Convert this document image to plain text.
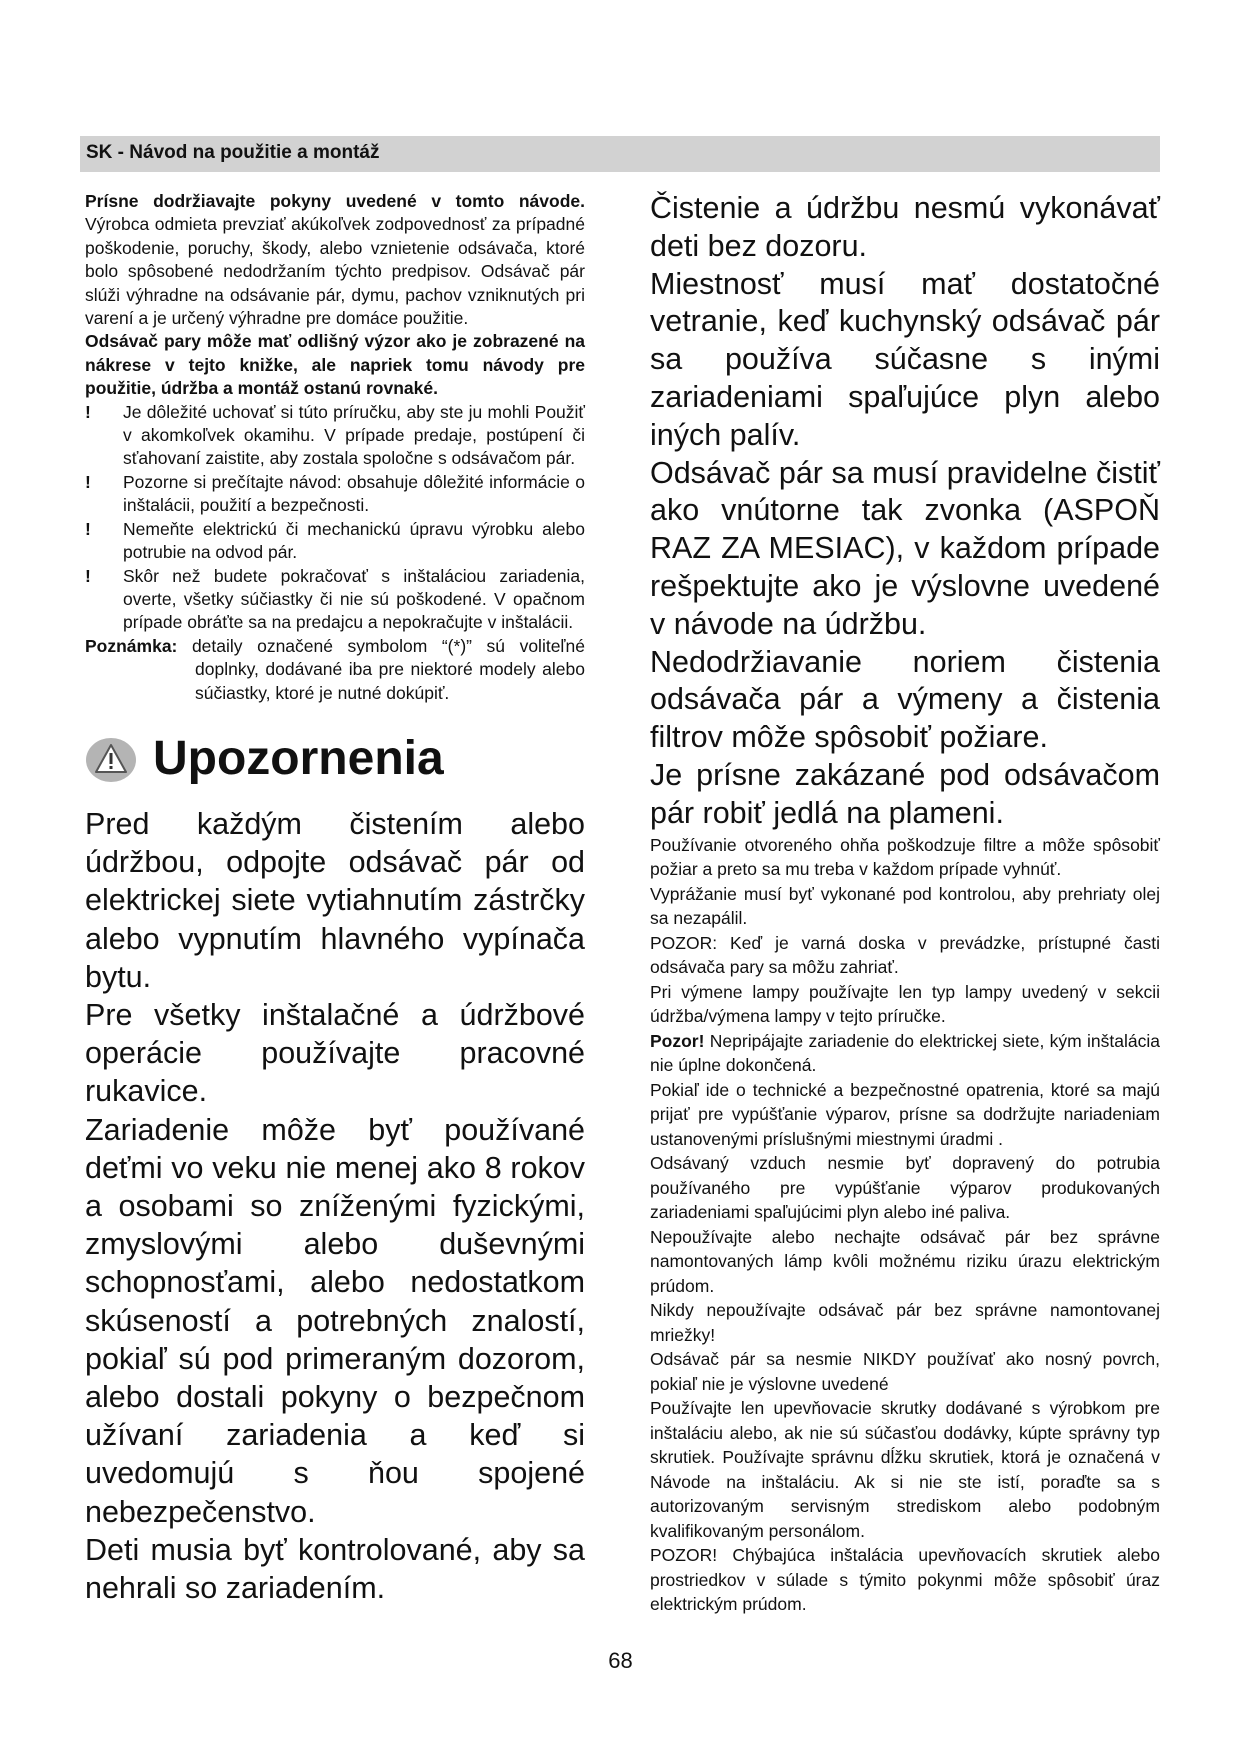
SK - Návod na použitie a montáž

Prísne dodržiavajte pokyny uvedené v tomto návode. Výrobca odmieta prevziať akúkoľvek zodpovednosť za prípadné poškodenie, poruchy, škody, alebo vznietenie odsávača, ktoré bolo spôsobené nedodržaním týchto predpisov. Odsávač pár slúži výhradne na odsávanie pár, dymu, pachov vzniknutých pri varení a je určený výhradne pre domáce použitie.

Odsávač pary môže mať odlišný výzor ako je zobrazené na nákrese v tejto knižke, ale napriek tomu návody pre použitie, údržba a montáž ostanú rovnaké.

! Je dôležité uchovať si túto príručku, aby ste ju mohli Použiť v akomkoľvek okamihu. V prípade predaje, postúpení či sťahovaní zaistite, aby zostala spoločne s odsávačom pár.

! Pozorne si prečítajte návod: obsahuje dôležité informácie o inštalácii, použití a bezpečnosti.

! Nemeňte elektrickú či mechanickú úpravu výrobku alebo potrubie na odvod pár.

! Skôr než budete pokračovať s inštaláciou zariadenia, overte, všetky súčiastky či nie sú poškodené. V opačnom prípade obráťte sa na predajcu a nepokračujte v inštalácii.

Poznámka: detaily označené symbolom “(*)” sú voliteľné doplnky, dodávané iba pre niektoré modely alebo súčiastky, ktoré je nutné dokúpiť.

Upozornenia

Pred každým čistením alebo údržbou, odpojte odsávač pár od elektrickej siete vytiahnutím zástrčky alebo vypnutím hlavného vypínača bytu.

Pre všetky inštalačné a údržbové operácie používajte pracovné rukavice.

Zariadenie môže byť používané deťmi vo veku nie menej ako 8 rokov a osobami so zníženými fyzickými, zmyslovými alebo duševnými schopnosťami, alebo nedostatkom skúseností a potrebných znalostí, pokiaľ sú pod primeraným dozorom, alebo dostali pokyny o bezpečnom užívaní zariadenia a keď si uvedomujú s ňou spojené nebezpečenstvo.

Deti musia byť kontrolované, aby sa nehrali so zariadením.

Čistenie a údržbu nesmú vykonávať deti bez dozoru.

Miestnosť musí mať dostatočné vetranie, keď kuchynský odsávač pár sa používa súčasne s inými zariadeniami spaľujúce plyn alebo iných palív.

Odsávač pár sa musí pravidelne čistiť ako vnútorne tak zvonka (ASPOŇ RAZ ZA MESIAC), v každom prípade rešpektujte ako je výslovne uvedené v návode na údržbu.

Nedodržiavanie noriem čistenia odsávača pár a výmeny a čistenia filtrov môže spôsobiť požiare.

Je prísne zakázané pod odsávačom pár robiť jedlá na plameni.

Používanie otvoreného ohňa poškodzuje filtre a môže spôsobiť požiar a preto sa mu treba v každom prípade vyhnúť.

Vyprážanie musí byť vykonané pod kontrolou, aby prehriaty olej sa nezapálil.

POZOR: Keď je varná doska v prevádzke, prístupné časti odsávača pary sa môžu zahriať.

Pri výmene lampy používajte len typ lampy uvedený v sekcii údržba/výmena lampy v tejto príručke.

Pozor! Nepripájajte zariadenie do elektrickej siete, kým inštalácia nie úplne dokončená.

Pokiaľ ide o technické a bezpečnostné opatrenia, ktoré sa majú prijať pre vypúšťanie výparov, prísne sa dodržujte nariadeniam ustanovenými príslušnými miestnymi úradmi .

Odsávaný vzduch nesmie byť dopravený do potrubia používaného pre vypúšťanie výparov produkovaných zariadeniami spaľujúcimi plyn alebo iné paliva.

Nepoužívajte alebo nechajte odsávač pár bez správne namontovaných lámp kvôli možnému riziku úrazu elektrickým prúdom.

Nikdy nepoužívajte odsávač pár bez správne namontovanej mriežky!

Odsávač pár sa nesmie NIKDY používať ako nosný povrch, pokiaľ nie je výslovne uvedené

Používajte len upevňovacie skrutky dodávané s výrobkom pre inštaláciu alebo, ak nie sú súčasťou dodávky, kúpte správny typ skrutiek. Používajte správnu dĺžku skrutiek, ktorá je označená v Návode na inštaláciu. Ak si nie ste istí, poraďte sa s autorizovaným servisným strediskom alebo podobným kvalifikovaným personálom.

POZOR! Chýbajúca inštalácia upevňovacích skrutiek alebo prostriedkov v súlade s týmito pokynmi môže spôsobiť úraz elektrickým prúdom.

68
